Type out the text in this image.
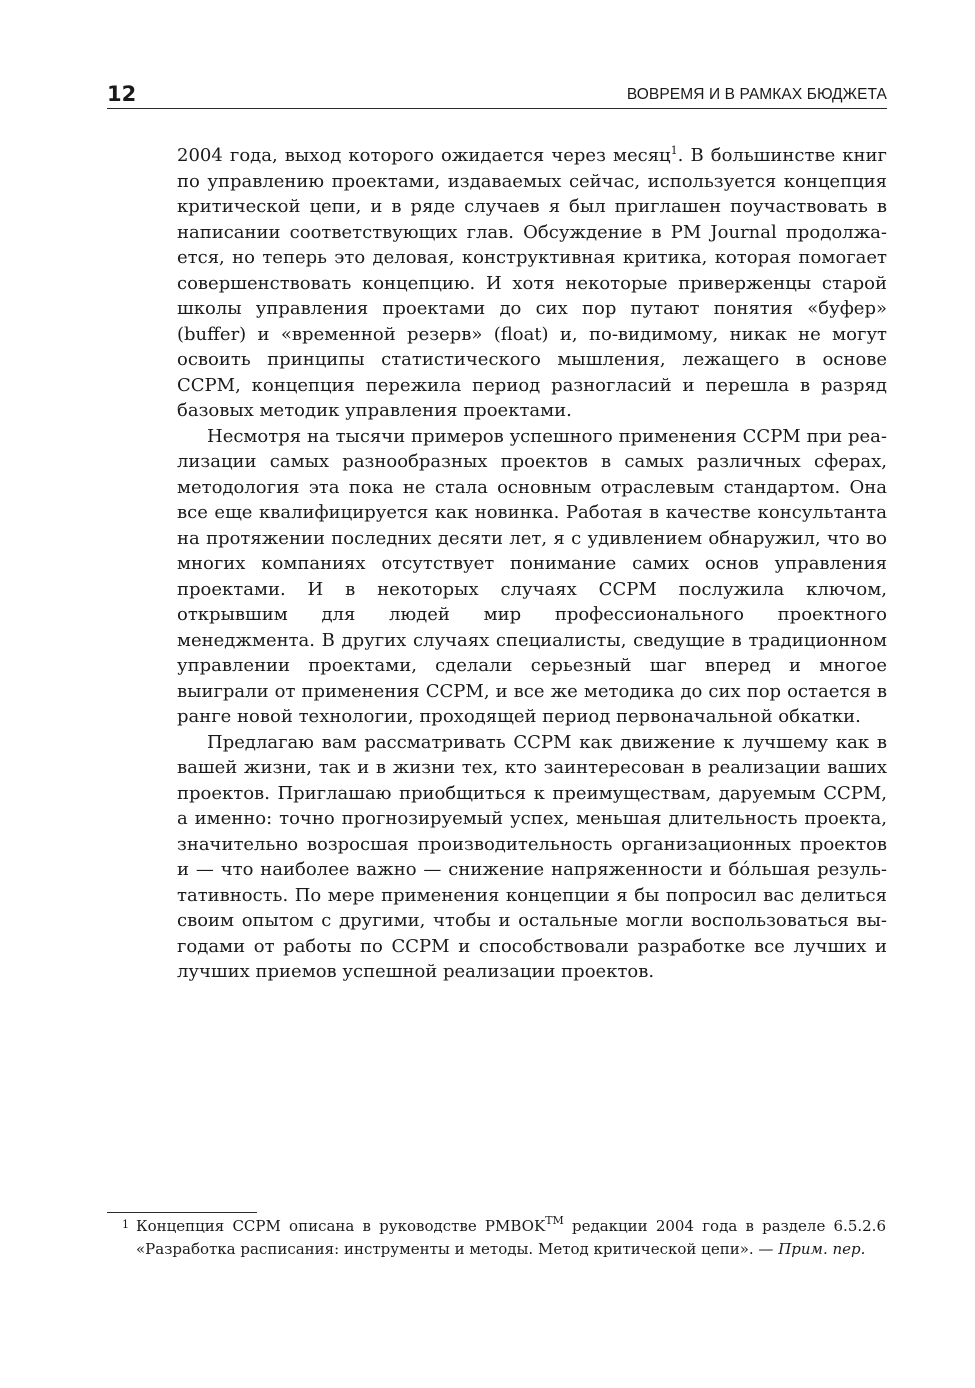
12	ВОВРЕМЯ И В РАМКАХ БЮДЖЕТА

2004 года, выход которого ожидается через месяц$^1$. В большинстве книг по управлению проектами, издаваемых сейчас, используется концепция критической цепи, и в ряде случаев я был приглашен поучаствовать в написании соответствующих глав. Обсуждение в PM Journal продолжается, но теперь это деловая, конструктивная критика, которая помогает совершенствовать концепцию. И хотя некоторые приверженцы старой школы управления проектами до сих пор путают понятия «буфер» (buffer) и «временной резерв» (float) и, по-видимому, никак не могут освоить принципы статистического мышления, лежащего в основе CCPM, концепция пережила период разногласий и перешла в разряд базовых методик управления проектами.

Несмотря на тысячи примеров успешного применения CCPM при реализации самых разнообразных проектов в самых различных сферах, методология эта пока не стала основным отраслевым стандартом. Она все еще квалифицируется как новинка. Работая в качестве консультанта на протяжении последних десяти лет, я с удивлением обнаружил, что во многих компаниях отсутствует понимание самих основ управления проектами. И в некоторых случаях CCPM послужила ключом, открывшим для людей мир профессионального проектного менеджмента. В других случаях специалисты, сведущие в традиционном управлении проектами, сделали серьезный шаг вперед и многое выиграли от применения CCPM, и все же методика до сих пор остается в ранге новой технологии, проходящей период первоначальной обкатки.

Предлагаю вам рассматривать CCPM как движение к лучшему как в вашей жизни, так и в жизни тех, кто заинтересован в реализации ваших проектов. Приглашаю приобщиться к преимуществам, даруемым CCPM, а именно: точно прогнозируемый успех, меньшая длительность проекта, значительно возросшая производительность организационных проектов и — что наиболее важно — снижение напряженности и бо́льшая результативность. По мере применения концепции я бы попросил вас делиться своим опытом с другими, чтобы и остальные могли воспользоваться выгодами от работы по CCPM и способствовали разработке все лучших и лучших приемов успешной реализации проектов.

1 Концепция CCPM описана в руководстве PMBOK™ редакции 2004 года в разделе 6.5.2.6 «Разработка расписания: инструменты и методы. Метод критической цепи». — Прим. пер.
